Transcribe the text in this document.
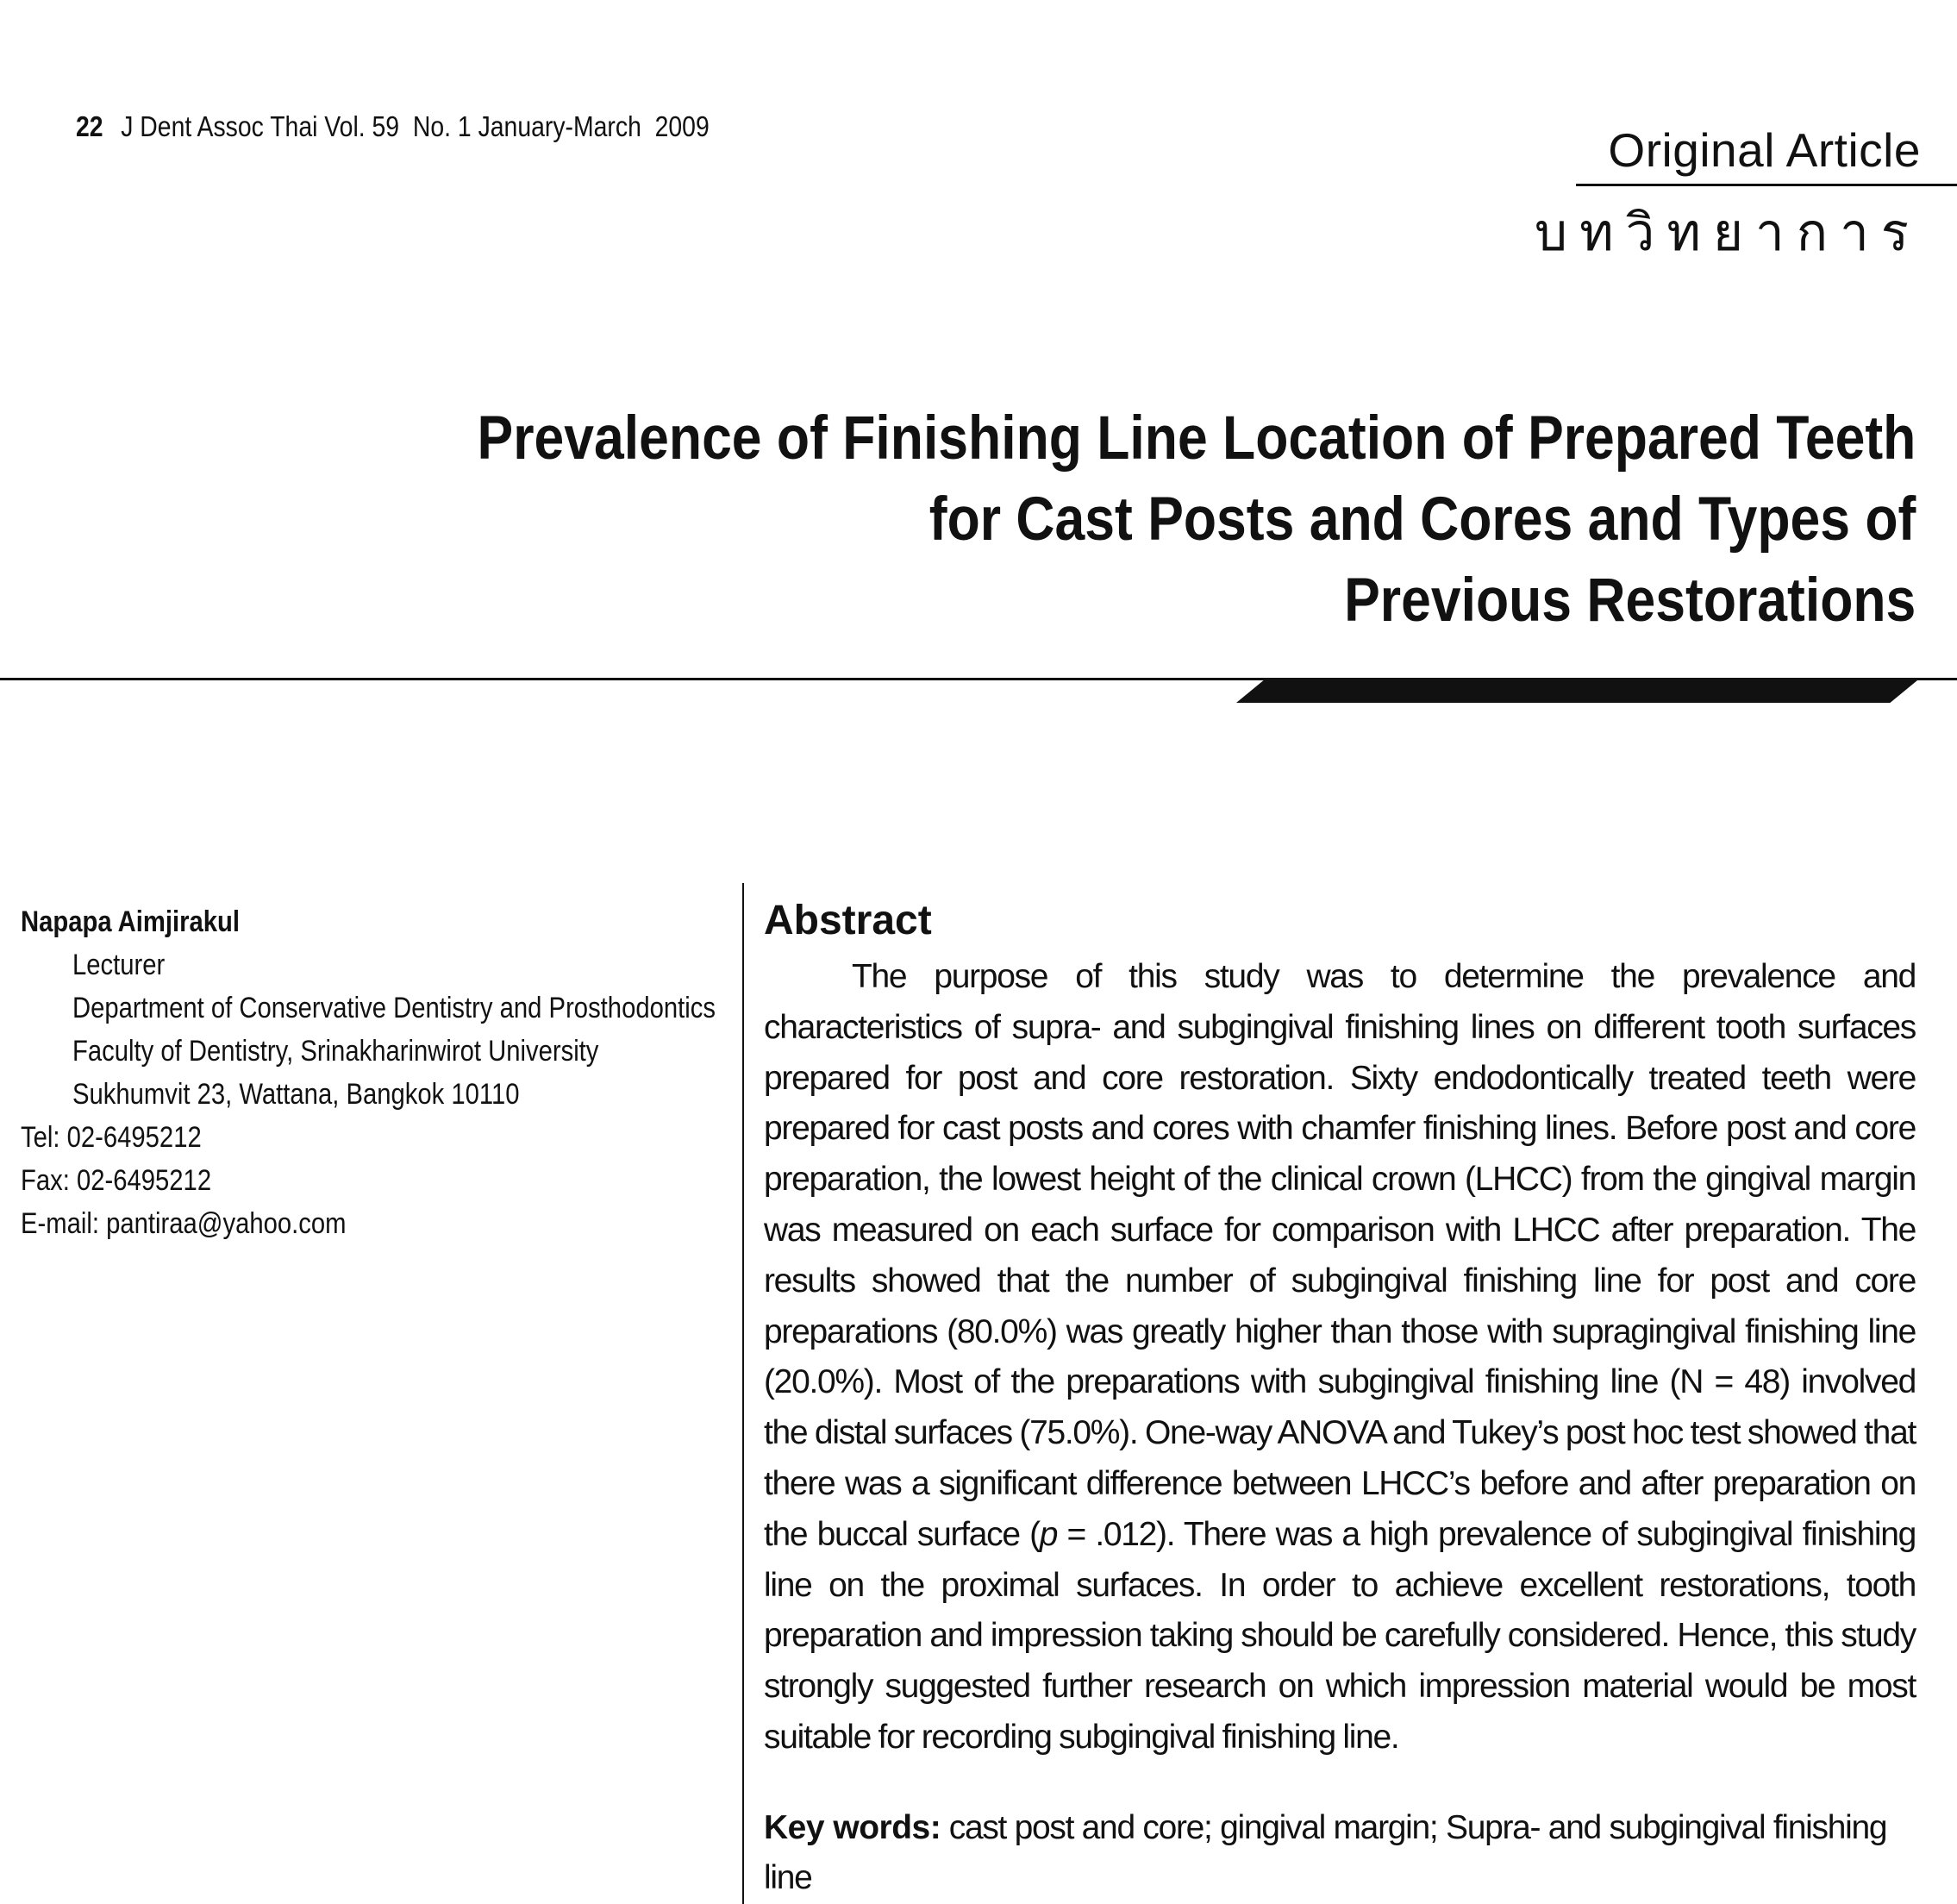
22 J Dent Assoc Thai Vol. 59  No. 1 January-March  2009	Original Article
บทวิทยาการ
Prevalence of Finishing Line Location of Prepared Teeth
for Cast Posts and Cores and Types of
Previous Restorations
Napapa Aimjirakul
Lecturer
Department of Conservative Dentistry and Prosthodontics
Faculty of Dentistry, Srinakharinwirot University
Sukhumvit 23, Wattana, Bangkok 10110
Tel: 02-6495212
Fax: 02-6495212
E-mail: pantiraa@yahoo.com
Abstract

The purpose of this study was to determine the prevalence and characteristics of supra- and subgingival finishing lines on different tooth surfaces prepared for post and core restoration. Sixty endodontically treated teeth were prepared for cast posts and cores with chamfer finishing lines. Before post and core preparation, the lowest height of the clinical crown (LHCC) from the gingival margin was measured on each surface for comparison with LHCC after preparation. The results showed that the number of subgingival finishing line for post and core preparations (80.0%) was greatly higher than those with supragingival finishing line (20.0%). Most of the preparations with subgingival finishing line (N = 48) involved the distal surfaces (75.0%). One-way ANOVA and Tukey’s post hoc test showed that there was a significant difference between LHCC’s before and after preparation on the buccal surface (p = .012). There was a high prevalence of subgingival finishing line on the proximal surfaces. In order to achieve excellent restorations, tooth preparation and impression taking should be carefully considered. Hence, this study strongly suggested further research on which impression material would be most suitable for recording subgingival finishing line.

Key words: cast post and core; gingival margin; Supra- and subgingival finishing line
